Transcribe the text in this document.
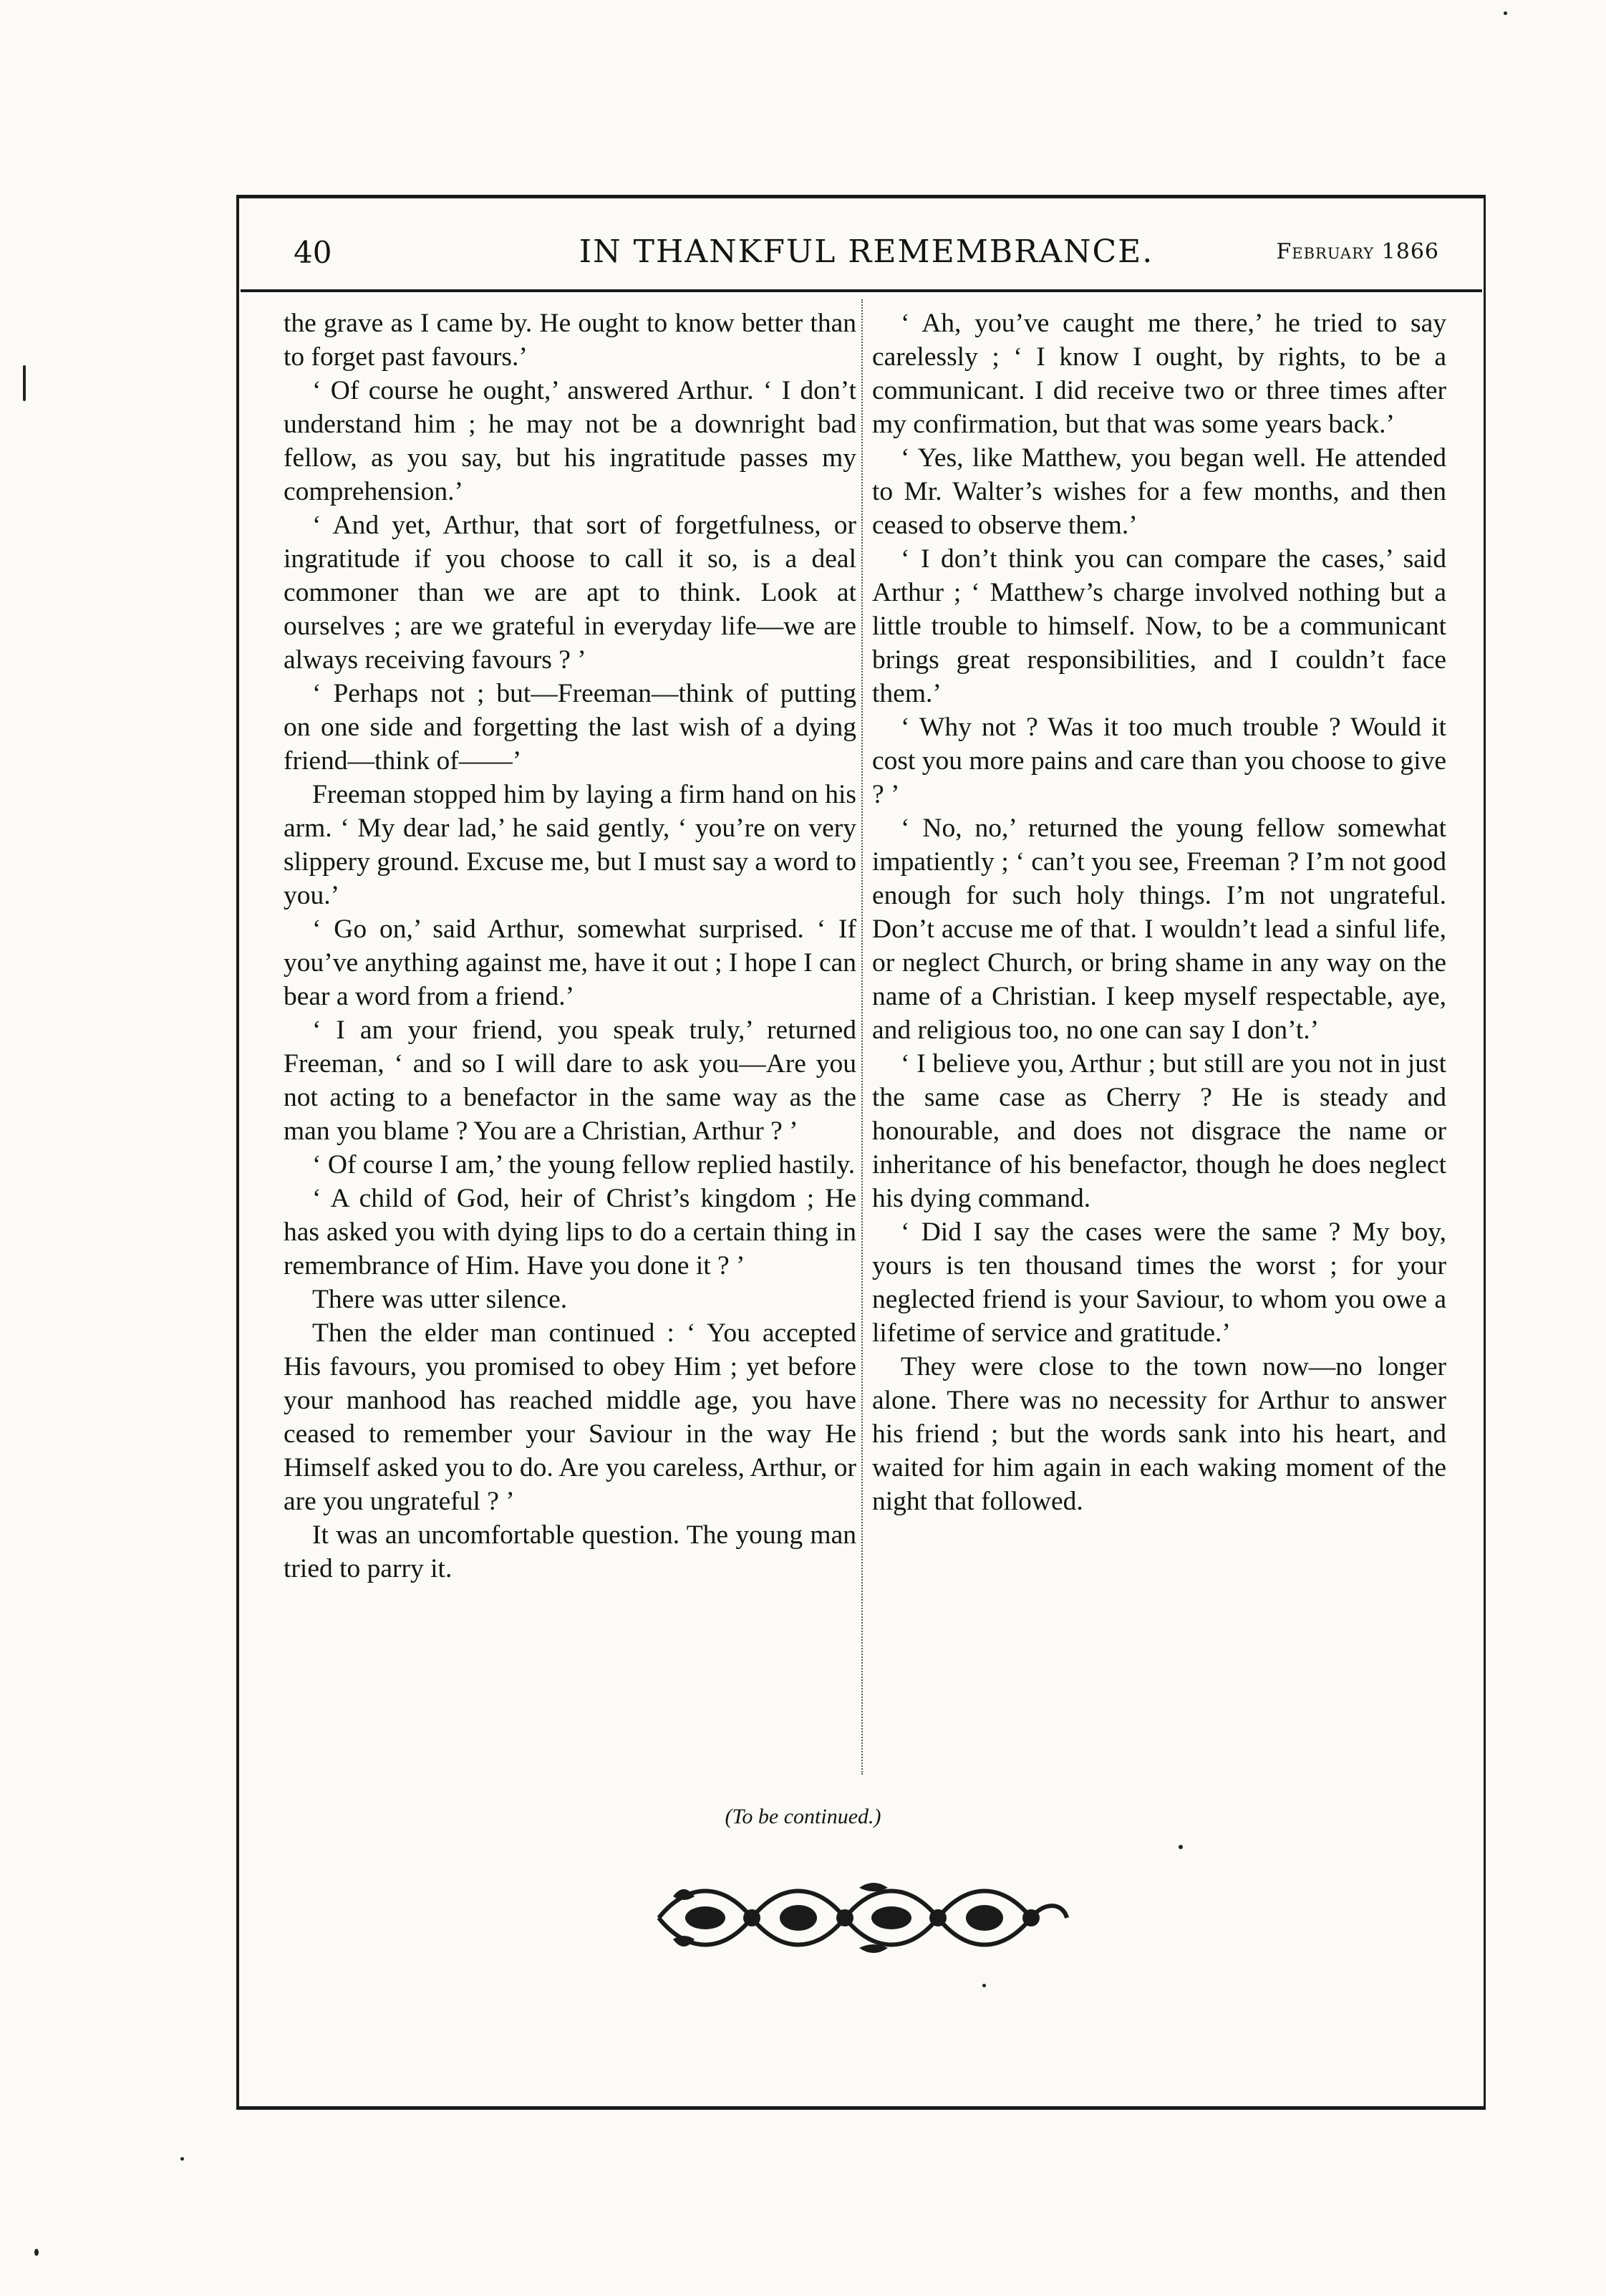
40	IN THANKFUL REMEMBRANCE.	February 1866

the grave as I came by. He ought to know better than to forget past favours.’

‘ Of course he ought,’ answered Arthur. ‘ I don’t understand him ; he may not be a downright bad fellow, as you say, but his ingratitude passes my comprehension.’

‘ And yet, Arthur, that sort of forgetfulness, or ingratitude if you choose to call it so, is a deal commoner than we are apt to think. Look at ourselves ; are we grateful in everyday life—we are always receiving favours ? ’

‘ Perhaps not ; but—Freeman—think of putting on one side and forgetting the last wish of a dying friend—think of——’

Freeman stopped him by laying a firm hand on his arm. ‘ My dear lad,’ he said gently, ‘ you’re on very slippery ground. Excuse me, but I must say a word to you.’

‘ Go on,’ said Arthur, somewhat surprised. ‘ If you’ve anything against me, have it out ; I hope I can bear a word from a friend.’

‘ I am your friend, you speak truly,’ returned Freeman, ‘ and so I will dare to ask you—Are you not acting to a benefactor in the same way as the man you blame ? You are a Christian, Arthur ? ’

‘ Of course I am,’ the young fellow replied hastily.

‘ A child of God, heir of Christ’s kingdom ; He has asked you with dying lips to do a certain thing in remembrance of Him. Have you done it ? ’

There was utter silence.

Then the elder man continued : ‘ You accepted His favours, you promised to obey Him ; yet before your manhood has reached middle age, you have ceased to remember your Saviour in the way He Himself asked you to do. Are you careless, Arthur, or are you ungrateful ? ’

It was an uncomfortable question. The young man tried to parry it.

‘ Ah, you’ve caught me there,’ he tried to say carelessly ; ‘ I know I ought, by rights, to be a communicant. I did receive two or three times after my confirmation, but that was some years back.’

‘ Yes, like Matthew, you began well. He attended to Mr. Walter’s wishes for a few months, and then ceased to observe them.’

‘ I don’t think you can compare the cases,’ said Arthur ; ‘ Matthew’s charge involved nothing but a little trouble to himself. Now, to be a communicant brings great responsibilities, and I couldn’t face them.’

‘ Why not ? Was it too much trouble ? Would it cost you more pains and care than you choose to give ? ’

‘ No, no,’ returned the young fellow somewhat impatiently ; ‘ can’t you see, Freeman ? I’m not good enough for such holy things. I’m not ungrateful. Don’t accuse me of that. I wouldn’t lead a sinful life, or neglect Church, or bring shame in any way on the name of a Christian. I keep myself respectable, aye, and religious too, no one can say I don’t.’

‘ I believe you, Arthur ; but still are you not in just the same case as Cherry ? He is steady and honourable, and does not disgrace the name or inheritance of his benefactor, though he does neglect his dying command.

‘ Did I say the cases were the same ? My boy, yours is ten thousand times the worst ; for your neglected friend is your Saviour, to whom you owe a lifetime of service and gratitude.’

They were close to the town now—no longer alone. There was no necessity for Arthur to answer his friend ; but the words sank into his heart, and waited for him again in each waking moment of the night that followed.

(To be continued.)
